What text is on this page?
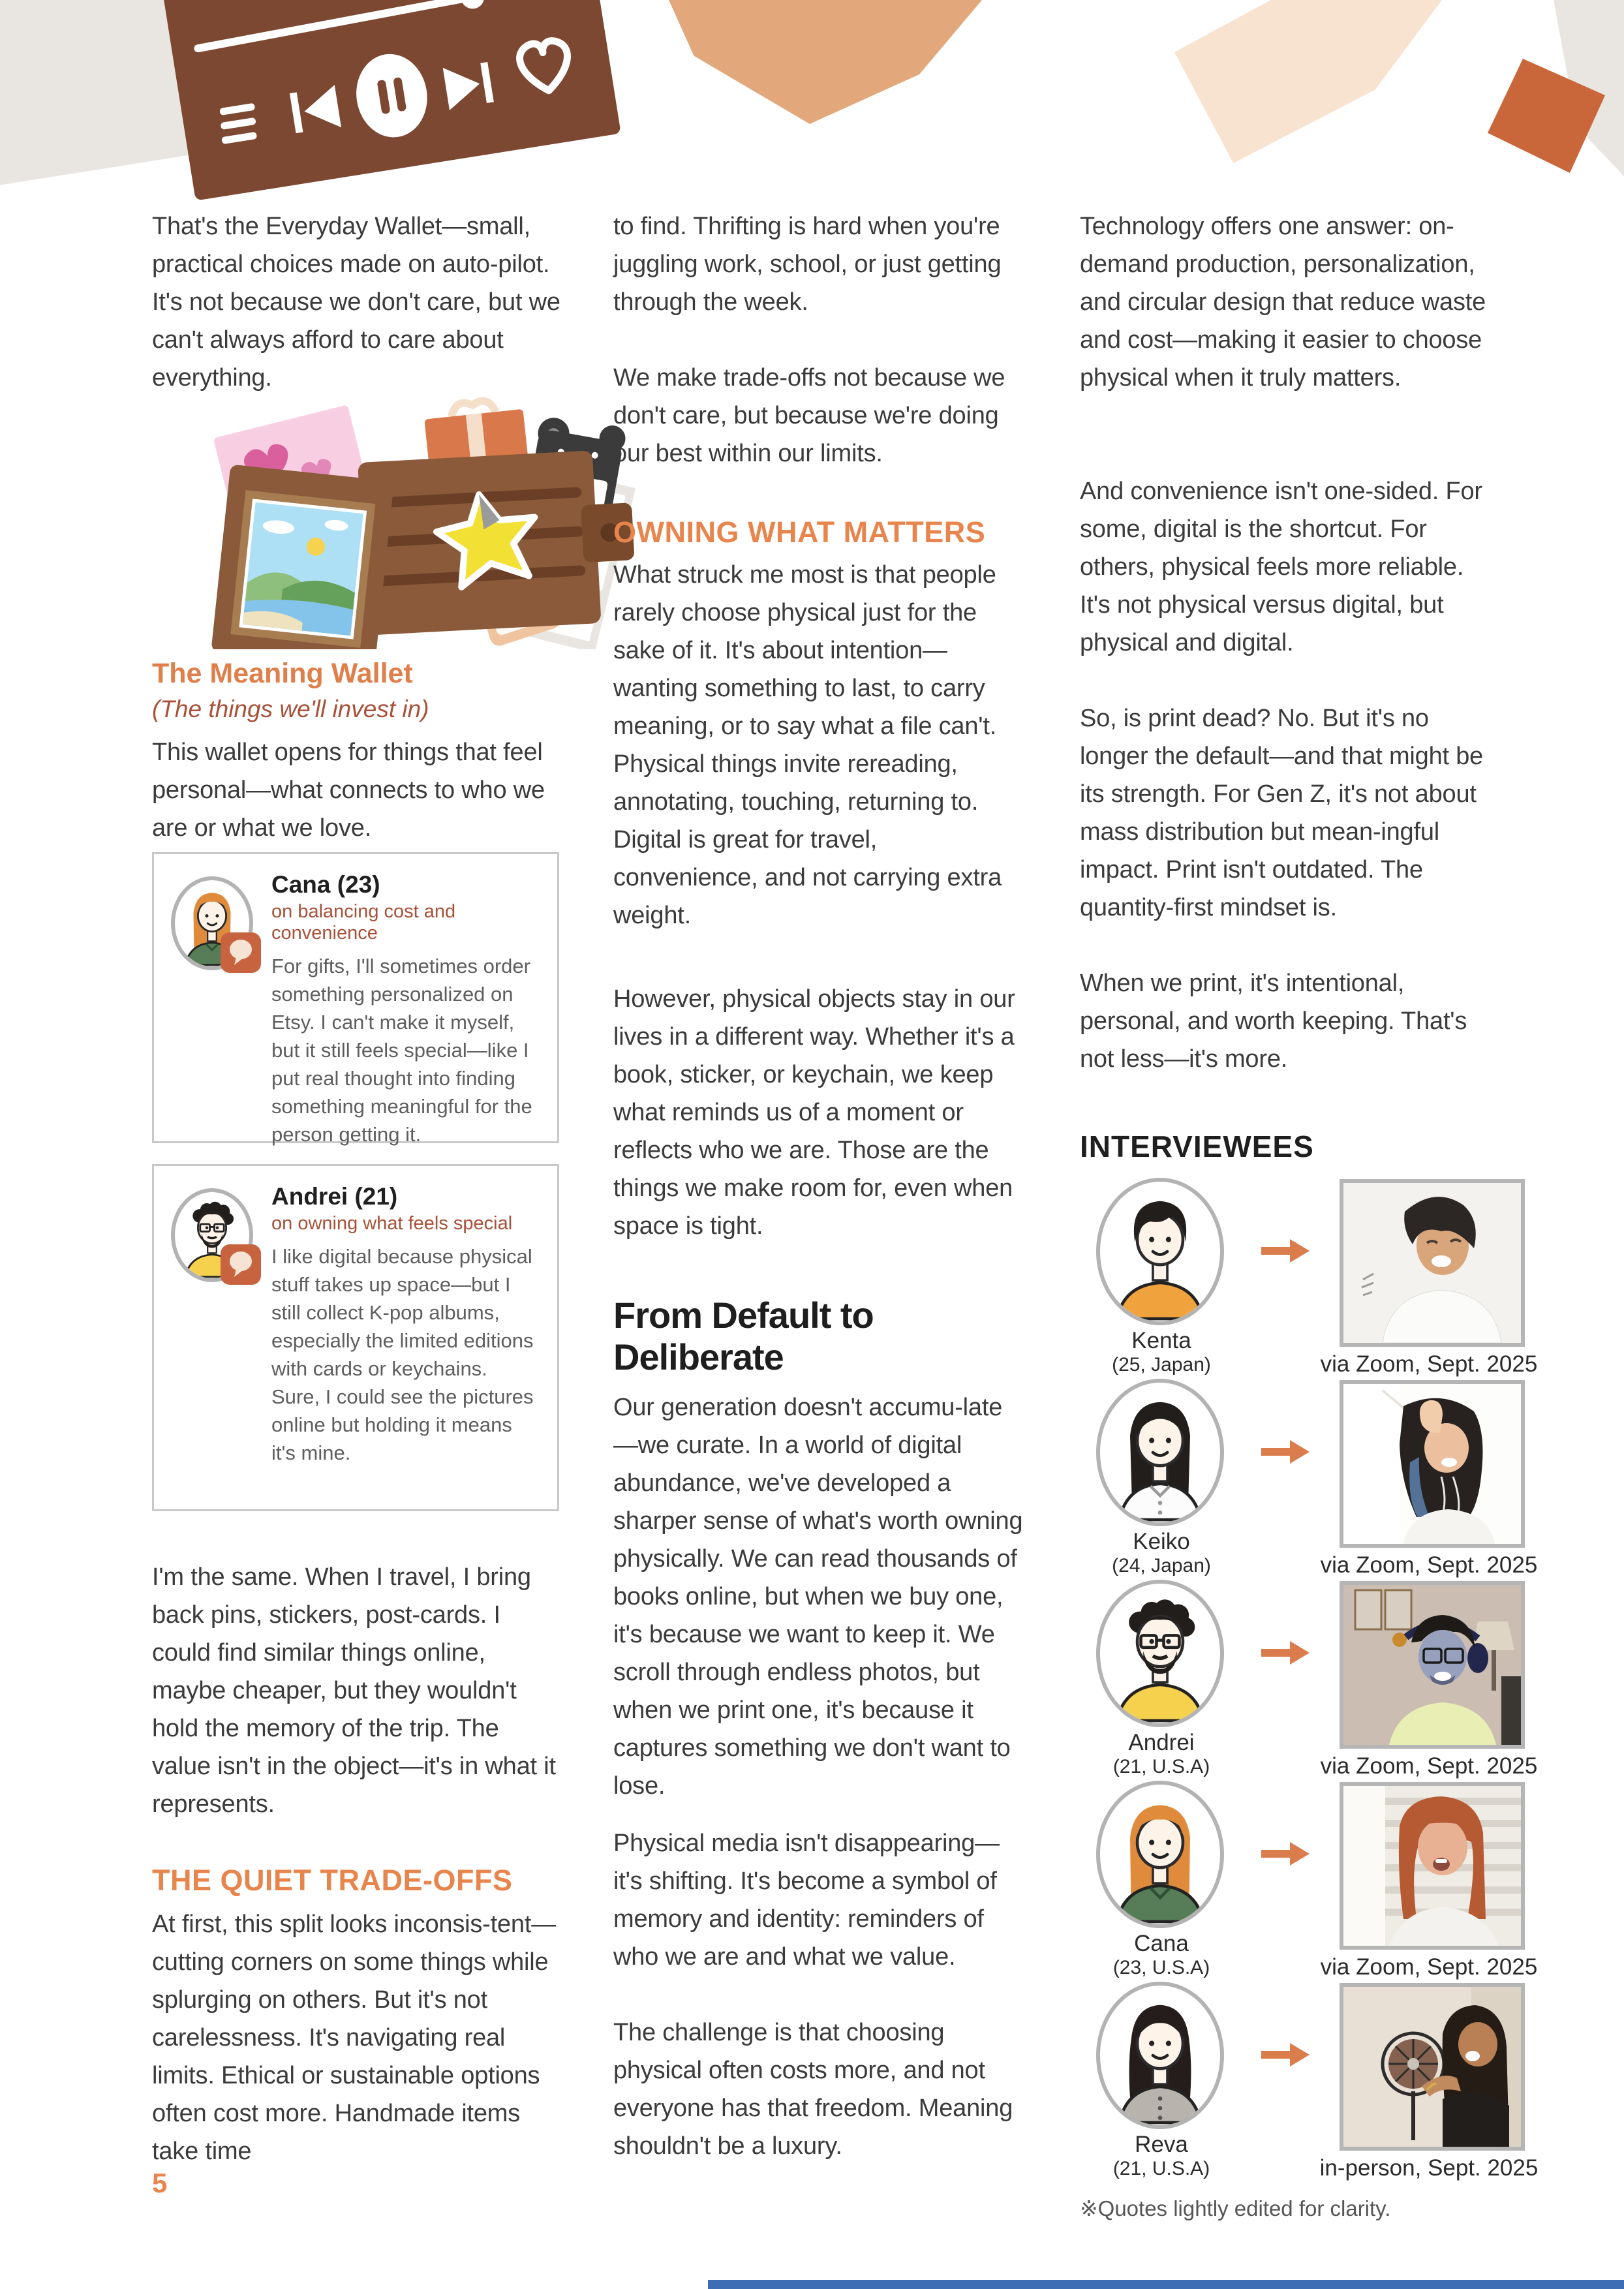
That's the Everyday Wallet—small, practical choices made on auto-pilot. It's not because we don't care, but we can't always afford to care about everything.
The Meaning Wallet
(The things we'll invest in)
This wallet opens for things that feel personal—what connects to who we are or what we love.
Cana (23)
on balancing cost and convenience
For gifts, I'll sometimes order something personalized on Etsy. I can't make it myself, but it still feels special—like I put real thought into finding something meaningful for the person getting it.
Andrei (21)
on owning what feels special
I like digital because physical stuff takes up space—but I still collect K-pop albums, especially the limited editions with cards or keychains. Sure, I could see the pictures online but holding it means it's mine.
I'm the same. When I travel, I bring back pins, stickers, post-cards. I could find similar things online, maybe cheaper, but they wouldn't hold the memory of the trip. The value isn't in the object—it's in what it represents.
THE QUIET TRADE-OFFS
At first, this split looks inconsis-tent—cutting corners on some things while splurging on others. But it's not carelessness. It's navigating real limits. Ethical or sustainable options often cost more. Handmade items take time
5
to find. Thrifting is hard when you're juggling work, school, or just getting through the week.
We make trade-offs not because we don't care, but because we're doing our best within our limits.
OWNING WHAT MATTERS
What struck me most is that people rarely choose physical just for the sake of it. It's about intention—wanting something to last, to carry meaning, or to say what a file can't. Physical things invite rereading, annotating, touching, returning to. Digital is great for travel, convenience, and not carrying extra weight.
However, physical objects stay in our lives in a different way. Whether it's a book, sticker, or keychain, we keep what reminds us of a moment or reflects who we are. Those are the things we make room for, even when space is tight.
From Default to Deliberate
Our generation doesn't accumu-late—we curate. In a world of digital abundance, we've developed a sharper sense of what's worth owning physically. We can read thousands of books online, but when we buy one, it's because we want to keep it. We scroll through endless photos, but when we print one, it's because it captures something we don't want to lose.
Physical media isn't disappearing—it's shifting. It's become a symbol of memory and identity: reminders of who we are and what we value.
The challenge is that choosing physical often costs more, and not everyone has that freedom. Meaning shouldn't be a luxury.
Technology offers one answer: on-demand production, personalization, and circular design that reduce waste and cost—making it easier to choose physical when it truly matters.
And convenience isn't one-sided. For some, digital is the shortcut. For others, physical feels more reliable. It's not physical versus digital, but physical and digital.
So, is print dead? No. But it's no longer the default—and that might be its strength. For Gen Z, it's not about mass distribution but mean-ingful impact. Print isn't outdated. The quantity-first mindset is.
When we print, it's intentional, personal, and worth keeping. That's not less—it's more.
INTERVIEWEES
Kenta
(25, Japan)	via Zoom, Sept. 2025
Keiko
(24, Japan)	via Zoom, Sept. 2025
Andrei
(21, U.S.A)	via Zoom, Sept. 2025
Cana
(23, U.S.A)	via Zoom, Sept. 2025
Reva
(21, U.S.A)	in-person, Sept. 2025
※Quotes lightly edited for clarity.
